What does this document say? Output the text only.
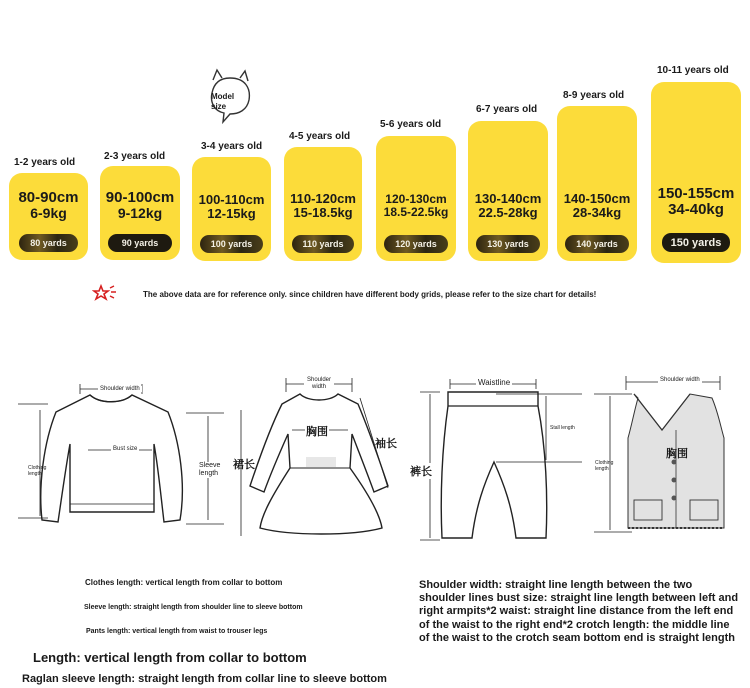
1-2 years old
80-90cm
6-9kg
80 yards
2-3 years old
90-100cm
9-12kg
90 yards
Model size
3-4 years old
100-110cm
12-15kg
100 yards
4-5 years old
110-120cm
15-18.5kg
110 yards
5-6 years old
120-130cm
18.5-22.5kg
120 yards
6-7 years old
130-140cm
22.5-28kg
130 yards
8-9 years old
140-150cm
28-34kg
140 yards
10-11 years old
150-155cm
34-40kg
150 yards
The above data are for reference only. since children have different body grids, please refer to the size chart for details!
Shoulder width
Bust size
Clothing length
Sleeve length
Shoulder width
胸围
袖长
裙长
Waistline
Stall length
裤长
Shoulder width
胸围
Clothing length
Clothes length: vertical length from collar to bottom
Sleeve length: straight length from shoulder line to sleeve bottom
Pants length: vertical length from waist to trouser legs
Length: vertical length from collar to bottom
Raglan sleeve length: straight length from collar line to sleeve bottom
Shoulder width: straight line length between the two shoulder lines bust size: straight line length between left and right armpits*2 waist: straight line distance from the left end of the waist to the right end*2 crotch length: the middle line of the waist to the crotch seam bottom end is straight length
